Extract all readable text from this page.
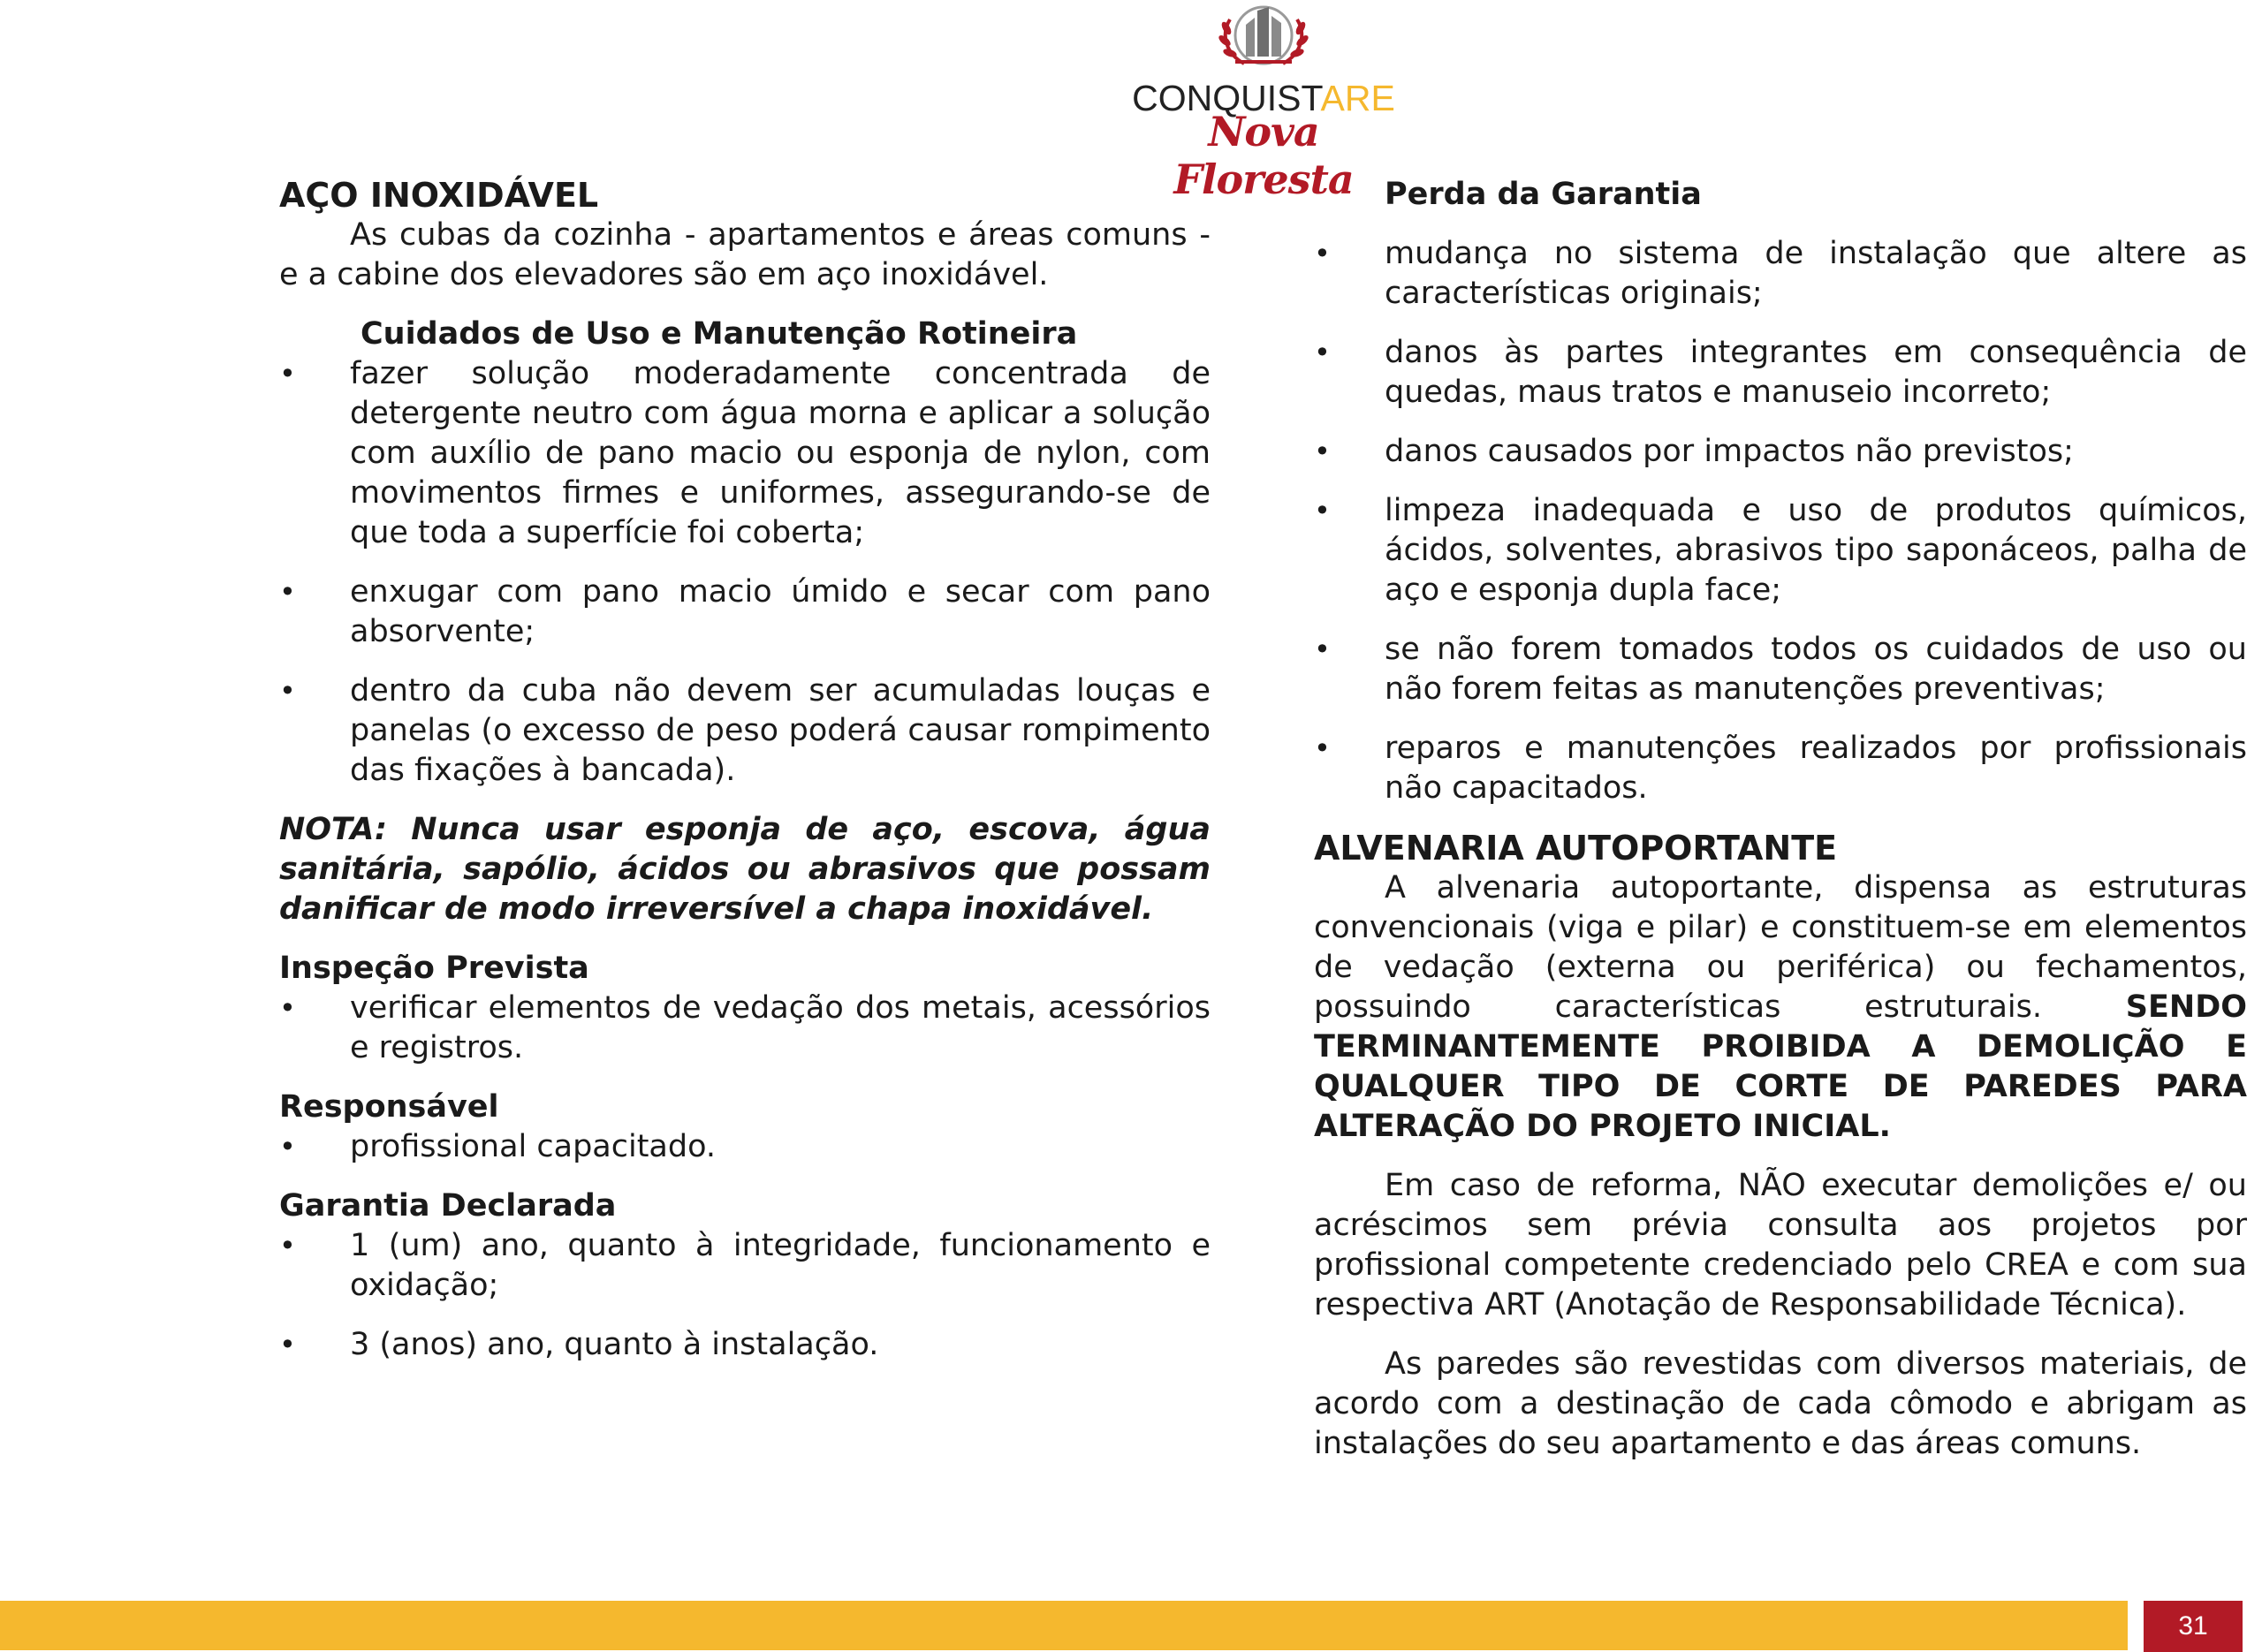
CONQUISTARE
Nova Floresta

AÇO INOXIDÁVEL

As cubas da cozinha - apartamentos e áreas comuns - e a cabine dos elevadores são em aço inoxidável.

Cuidados de Uso e Manutenção Rotineira

• fazer solução moderadamente concentrada de detergente neutro com água morna e aplicar a solução com auxílio de pano macio ou esponja de nylon, com movimentos firmes e uniformes, assegurando-se de que toda a superfície foi coberta;
• enxugar com pano macio úmido e secar com pano absorvente;
• dentro da cuba não devem ser acumuladas louças e panelas (o excesso de peso poderá causar rompimento das fixações à bancada).

NOTA: Nunca usar esponja de aço, escova, água sanitária, sapólio, ácidos ou abrasivos que possam danificar de modo irreversível a chapa inoxidável.

Inspeção Prevista

• verificar elementos de vedação dos metais, acessórios e registros.

Responsável

• profissional capacitado.

Garantia Declarada

• 1 (um) ano, quanto à integridade, funcionamento e oxidação;
• 3 (anos) ano, quanto à instalação.

Perda da Garantia

• mudança no sistema de instalação que altere as características originais;
• danos às partes integrantes em consequência de quedas, maus tratos e manuseio incorreto;
• danos causados por impactos não previstos;
• limpeza inadequada e uso de produtos químicos, ácidos, solventes, abrasivos tipo saponáceos, palha de aço e esponja dupla face;
• se não forem tomados todos os cuidados de uso ou não forem feitas as manutenções preventivas;
• reparos e manutenções realizados por profissionais não capacitados.

ALVENARIA AUTOPORTANTE

A alvenaria autoportante, dispensa as estruturas convencionais (viga e pilar) e constituem-se em elementos de vedação (externa ou periférica) ou fechamentos, possuindo características estruturais.	SENDO TERMINANTEMENTE PROIBIDA A DEMOLIÇÃO E QUALQUER TIPO DE CORTE DE PAREDES PARA ALTERAÇÃO DO PROJETO INICIAL.

Em caso de reforma, NÃO executar demolições e/ ou acréscimos sem prévia consulta aos projetos por profissional competente credenciado pelo CREA e com sua respectiva ART (Anotação de Responsabilidade Técnica).

As paredes são revestidas com diversos materiais, de acordo com a destinação de cada cômodo e abrigam as instalações do seu apartamento e das áreas comuns.

31
